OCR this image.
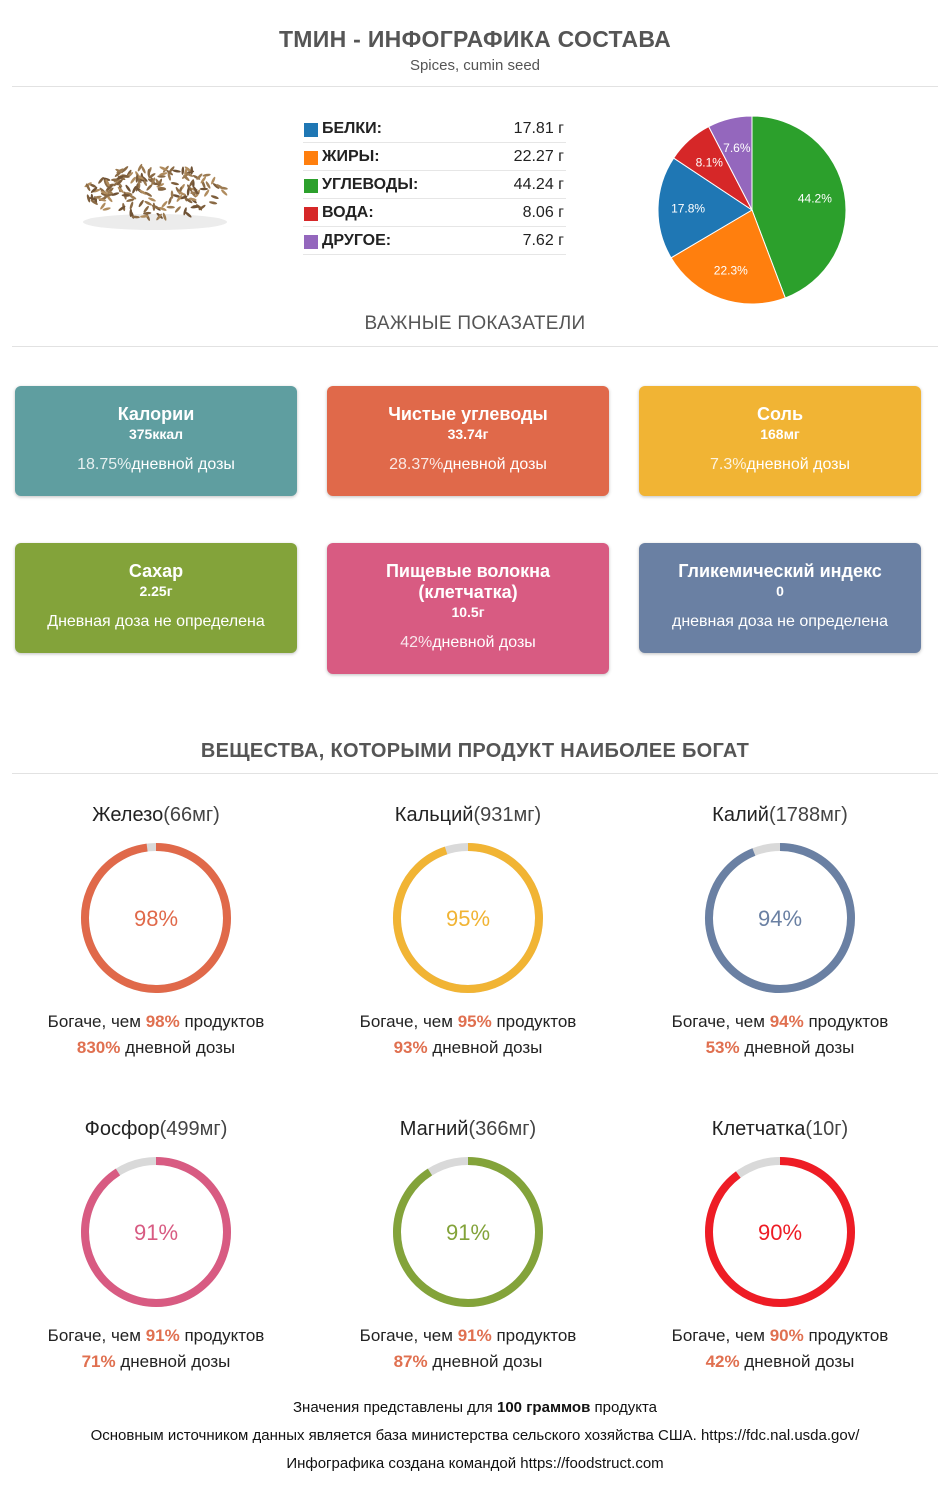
ТМИН - ИНФОГРАФИКА СОСТАВА
Spices, cumin seed
БЕЛКИ:	17.81 г
ЖИРЫ:	22.27 г
УГЛЕВОДЫ:	44.24 г
ВОДА:	8.06 г
ДРУГОЕ:	7.62 г
44.2%
22.3%
17.8%
8.1%
7.6%
ВАЖНЫЕ ПОКАЗАТЕЛИ
Калории
375ккал
18.75%дневной дозы
Чистые углеводы
33.74г
28.37%дневной дозы
Соль
168мг
7.3%дневной дозы
Сахар
2.25г
Дневная доза не определена
Пищевые волокна (клетчатка)
10.5г
42%дневной дозы
Гликемический индекс
0
дневная доза не определена
ВЕЩЕСТВА, КОТОРЫМИ ПРОДУКТ НАИБОЛЕЕ БОГАТ
Железо(66мг)
98%
Богаче, чем 98% продуктов
830% дневной дозы
Кальций(931мг)
95%
Богаче, чем 95% продуктов
93% дневной дозы
Калий(1788мг)
94%
Богаче, чем 94% продуктов
53% дневной дозы
Фосфор(499мг)
91%
Богаче, чем 91% продуктов
71% дневной дозы
Магний(366мг)
91%
Богаче, чем 91% продуктов
87% дневной дозы
Клетчатка(10г)
90%
Богаче, чем 90% продуктов
42% дневной дозы
Значения представлены для 100 граммов продукта
Основным источником данных является база министерства сельского хозяйства США. https://fdc.nal.usda.gov/
Инфографика создана командой https://foodstruct.com
